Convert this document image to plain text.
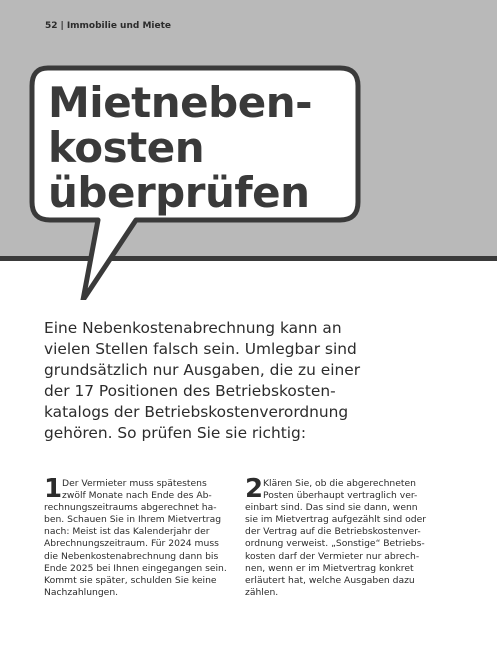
52 | Immobilie und Miete
Mietneben-
kosten
überprüfen

Eine Nebenkostenabrechnung kann an
vielen Stellen falsch sein. Umlegbar sind
grundsätzlich nur Ausgaben, die zu einer
der 17 Positionen des Betriebskosten-
katalogs der Betriebskostenverordnung
gehören. So prüfen Sie sie richtig:

1 Der Vermieter muss spätestens
zwölf Monate nach Ende des Ab-
rechnungszeitraums abgerechnet ha-
ben. Schauen Sie in Ihrem Mietvertrag
nach: Meist ist das Kalenderjahr der
Abrechnungszeitraum. Für 2024 muss
die Nebenkostenabrechnung dann bis
Ende 2025 bei Ihnen eingegangen sein.
Kommt sie später, schulden Sie keine
Nachzahlungen.

2 Klären Sie, ob die abgerechneten
Posten überhaupt vertraglich ver-
einbart sind. Das sind sie dann, wenn
sie im Mietvertrag aufgezählt sind oder
der Vertrag auf die Betriebskostenver-
ordnung verweist. „Sonstige“ Betriebs-
kosten darf der Vermieter nur abrech-
nen, wenn er im Mietvertrag konkret
erläutert hat, welche Ausgaben dazu
zählen.
